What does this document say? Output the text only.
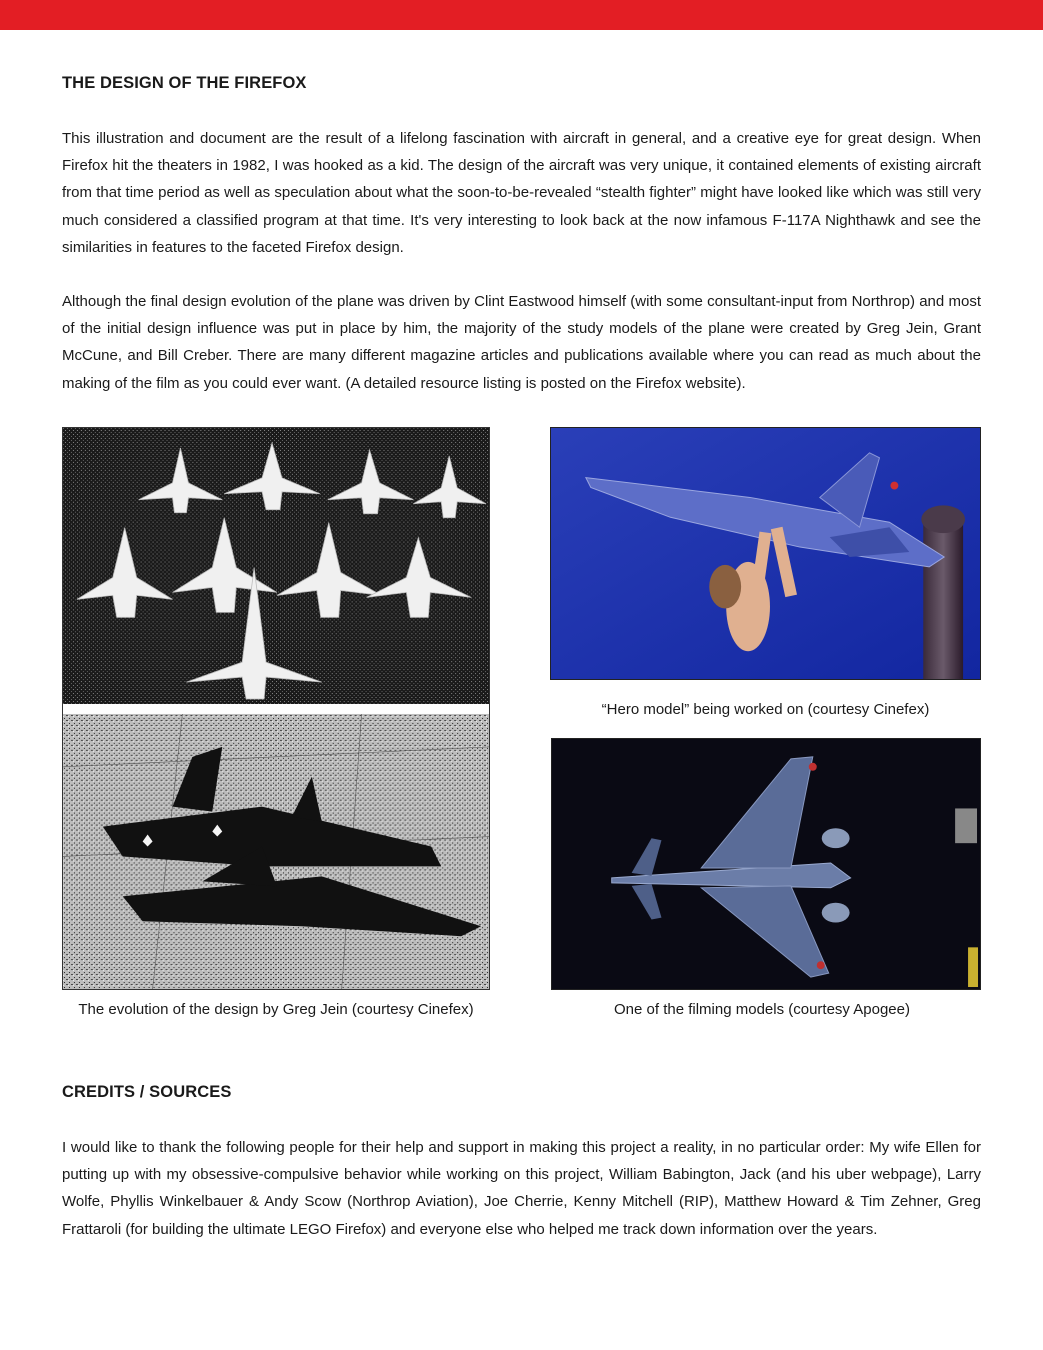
THE DESIGN OF THE FIREFOX

This illustration and document are the result of a lifelong fascination with aircraft in general, and a creative eye for great design. When Firefox hit the theaters in 1982, I was hooked as a kid. The design of the aircraft was very unique, it contained elements of existing aircraft from that time period as well as speculation about what the soon-to-be-revealed “stealth fighter” might have looked like which was still very much considered a classified program at that time. It's very interesting to look back at the now infamous F-117A Nighthawk and see the similarities in features to the faceted Firefox design.

Although the final design evolution of the plane was driven by Clint Eastwood himself (with some consultant-input from Northrop) and most of the initial design influence was put in place by him, the majority of the study models of the plane were created by Greg Jein, Grant McCune, and Bill Creber. There are many different magazine articles and publications available where you can read as much about the making of the film as you could ever want. (A detailed resource listing is posted on the Firefox website).

“Hero model” being worked on (courtesy Cinefex)

The evolution of the design by Greg Jein (courtesy Cinefex)	One of the filming models (courtesy Apogee)

CREDITS / SOURCES

I would like to thank the following people for their help and support in making this project a reality, in no particular order: My wife Ellen for putting up with my obsessive-compulsive behavior while working on this project, William Babington, Jack (and his uber webpage), Larry Wolfe, Phyllis Winkelbauer & Andy Scow (Northrop Aviation), Joe Cherrie, Kenny Mitchell (RIP), Matthew Howard & Tim Zehner, Greg Frattaroli (for building the ultimate LEGO Firefox) and everyone else who helped me track down information over the years.
